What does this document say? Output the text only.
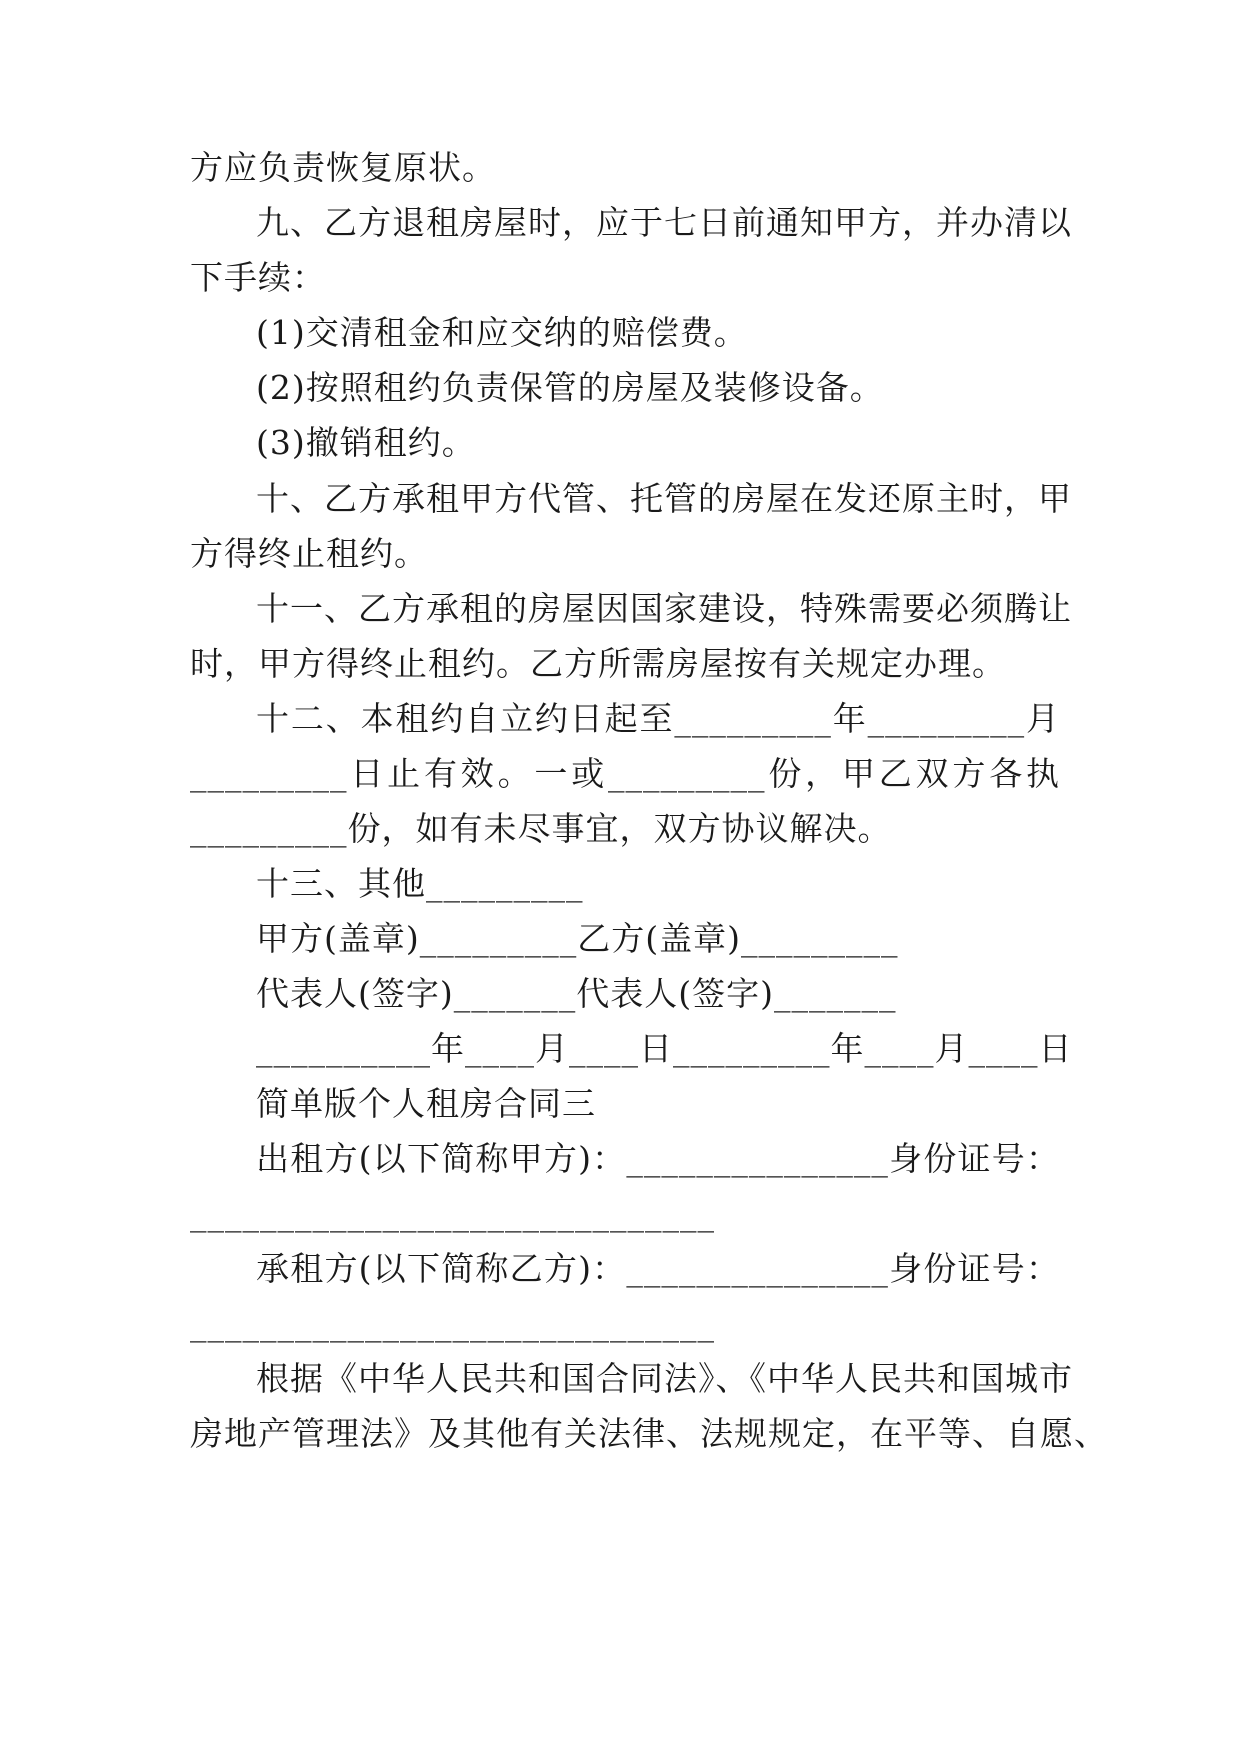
方应负责恢复原状。
九、乙方退租房屋时，应于七日前通知甲方，并办清以
下手续：
(1)交清租金和应交纳的赔偿费。
(2)按照租约负责保管的房屋及装修设备。
(3)撤销租约。
十、乙方承租甲方代管、托管的房屋在发还原主时，甲
方得终止租约。
十一、乙方承租的房屋因国家建设，特殊需要必须腾让
时，甲方得终止租约。乙方所需房屋按有关规定办理。
十二、本租约自立约日起至_________年_________月
_________日止有效。一或_________份，甲乙双方各执
_________份，如有未尽事宜，双方协议解决。
十三、其他_________
甲方(盖章)_________乙方(盖章)_________
代表人(签字)_______代表人(签字)_______
__________年____月____日_________年____月____日
简单版个人租房合同三
出租方(以下简称甲方)：_______________身份证号：
______________________________
承租方(以下简称乙方)：_______________身份证号：
______________________________
根据《中华人民共和国合同法》、《中华人民共和国城市
房地产管理法》及其他有关法律、法规规定，在平等、自愿、
